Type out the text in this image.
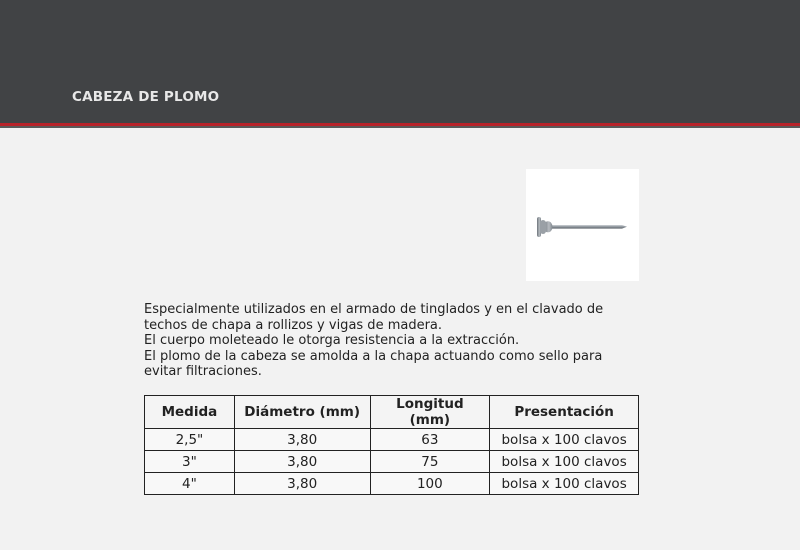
CABEZA DE PLOMO

Especialmente utilizados en el armado de tinglados y en el clavado de techos de chapa a rollizos y vigas de madera.

El cuerpo moleteado le otorga resistencia a la extracción.

El plomo de la cabeza se amolda a la chapa actuando como sello para evitar filtraciones.

Medida	Diámetro (mm)	Longitud (mm)	Presentación
2,5"	3,80	63	bolsa x 100 clavos
3"	3,80	75	bolsa x 100 clavos
4"	3,80	100	bolsa x 100 clavos
